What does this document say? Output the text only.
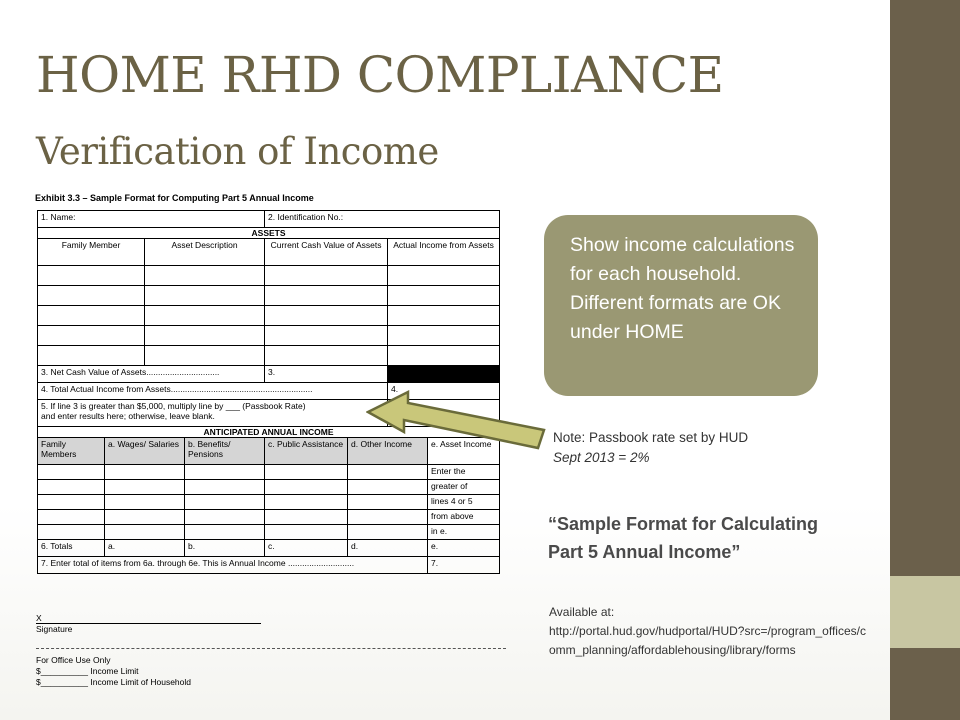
HOME RHD COMPLIANCE
Verification of Income
Exhibit 3.3 – Sample Format for Computing Part 5 Annual Income
1. Name:				2. Identification No.:			
ASSETS							
Family Member		Asset Description		Current Cash Value of Assets		Actual Income from Assets	

3. Net Cash Value of Assets...............................				3.			
4. Total Actual Income from Assets............................................................						4.	

5. If line 3 is greater than $5,000, multiply line by ___ (Passbook Rate)
and enter results here; otherwise, leave blank.

ANTICIPATED ANNUAL INCOME							
Family Members	a. Wages/ Salaries		b. Benefits/ Pensions	c. Public Assistance	d. Other Income		e. Asset Income
							Enter the
							greater of
							lines 4 or 5
							from above
							in e.
6. Totals	a.		b.	c.	d.		e.
7. Enter total of items from 6a. through 6e. This is Annual Income ............................							7.
X
Signature
For Office Use Only
$__________ Income Limit
$__________ Income Limit of Household
Show income calculations for each household. Different formats are OK under HOME
Note: Passbook rate set by HUD
Sept 2013 = 2%
“Sample Format for Calculating Part 5 Annual Income”
Available at:
http://portal.hud.gov/hudportal/HUD?src=/program_offices/comm_planning/affordablehousing/library/forms
